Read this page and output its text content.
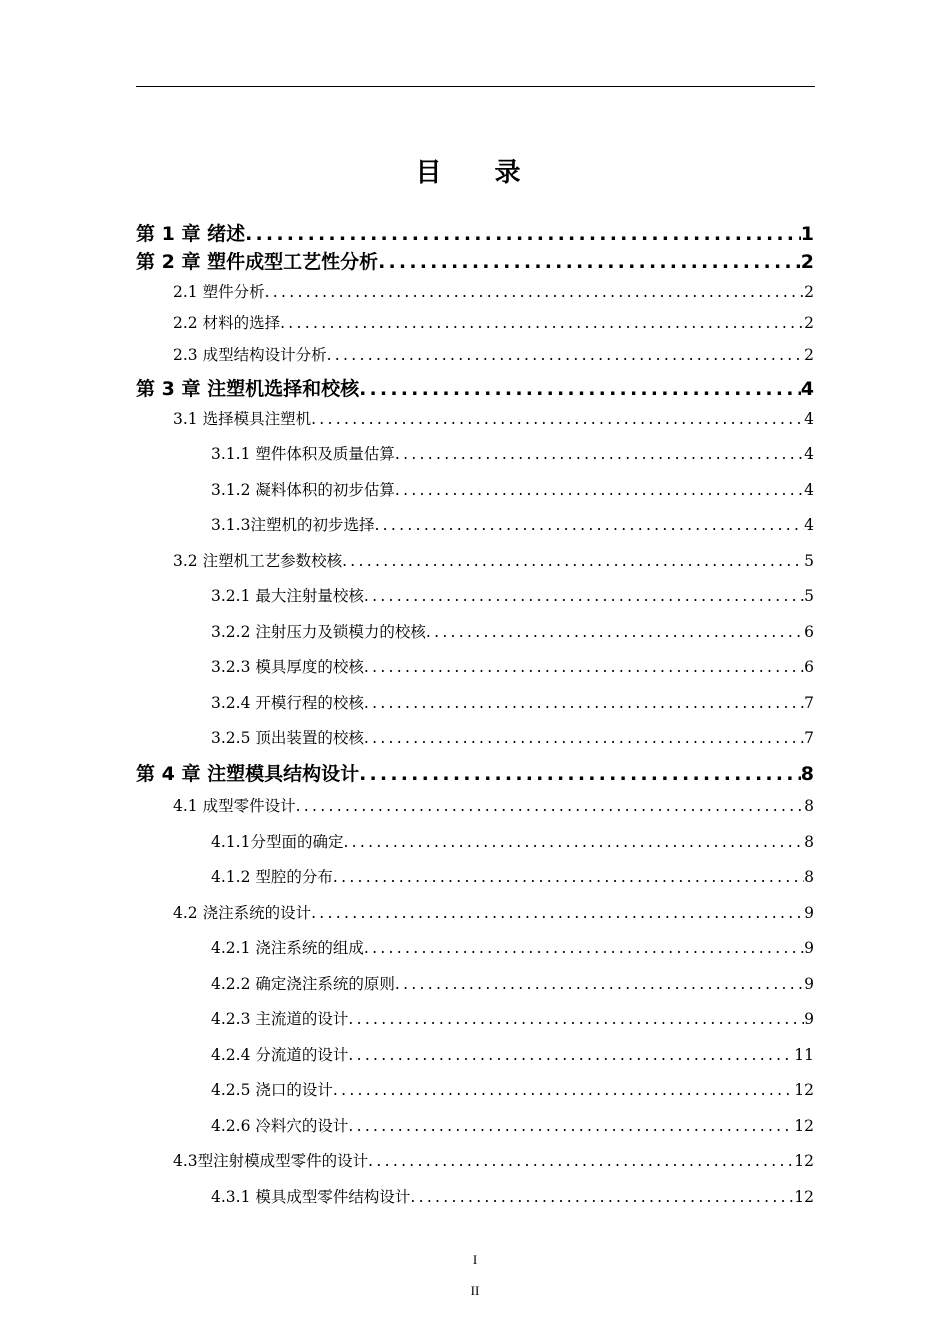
目 录
第 1 章 绪述 .....	1
第 2 章 塑件成型工艺性分析 .....	2
2.1 塑件分析 .....	2
2.2 材料的选择 .....	2
2.3 成型结构设计分析 .....	2
第 3 章 注塑机选择和校核 .....	4
3.1 选择模具注塑机 .....	4
3.1.1 塑件体积及质量估算 .....	4
3.1.2 凝料体积的初步估算 .....	4
3.1.3注塑机的初步选择 .....	4
3.2 注塑机工艺参数校核 .....	5
3.2.1 最大注射量校核 .....	5
3.2.2 注射压力及锁模力的校核 .....	6
3.2.3 模具厚度的校核 .....	6
3.2.4 开模行程的校核 .....	7
3.2.5 顶出装置的校核 .....	7
第 4 章 注塑模具结构设计 .....	8
4.1 成型零件设计 .....	8
4.1.1分型面的确定 .....	8
4.1.2 型腔的分布 .....	8
4.2 浇注系统的设计 .....	9
4.2.1 浇注系统的组成 .....	9
4.2.2 确定浇注系统的原则 .....	9
4.2.3 主流道的设计 .....	9
4.2.4 分流道的设计 .....	11
4.2.5 浇口的设计 .....	12
4.2.6 冷料穴的设计 .....	12
4.3型注射模成型零件的设计 .....	12
4.3.1 模具成型零件结构设计 .....	12
I
II
